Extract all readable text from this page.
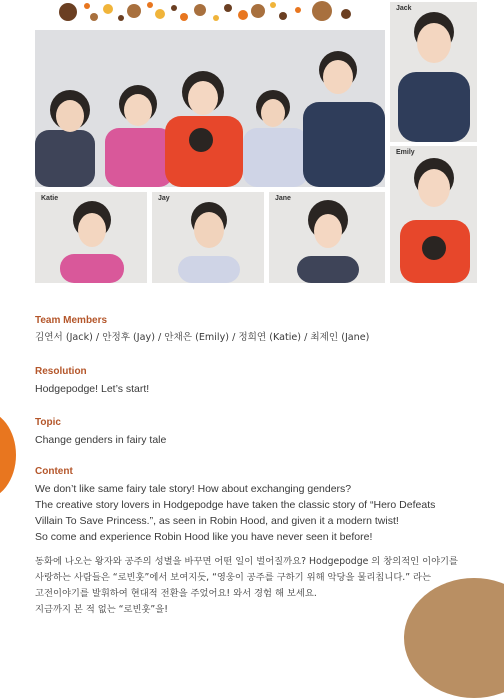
Jack
Emily
Katie	Jay	Jane

Team Members

김연서 (Jack) / 안정후 (Jay) / 안채은 (Emily) / 정희연 (Katie) / 최제인 (Jane)

Resolution

Hodgepodge! Let’s start!

Topic

Change genders in fairy tale

Content

We don’t like same fairy tale story! How about exchanging genders?

The creative story lovers in Hodgepodge have taken the classic story of “Hero Defeats

Villain To Save Princess.”, as seen in Robin Hood, and given it a modern twist!

So come and experience Robin Hood like you have never seen it before!

동화에 나오는 왕자와 공주의 성별을 바꾸면 어떤 일이 벌어질까요? Hodgepodge 의 창의적인 이야기를
사랑하는 사람들은 “로빈훗”에서 보여지듯, “영웅이 공주를 구하기 위해 악당을 물리칩니다.” 라는
고전이야기를 발휘하여 현대적 전환을 주었어요! 와서 경험 해 보세요.
지금까지 본 적 없는 “로빈훗”을!
